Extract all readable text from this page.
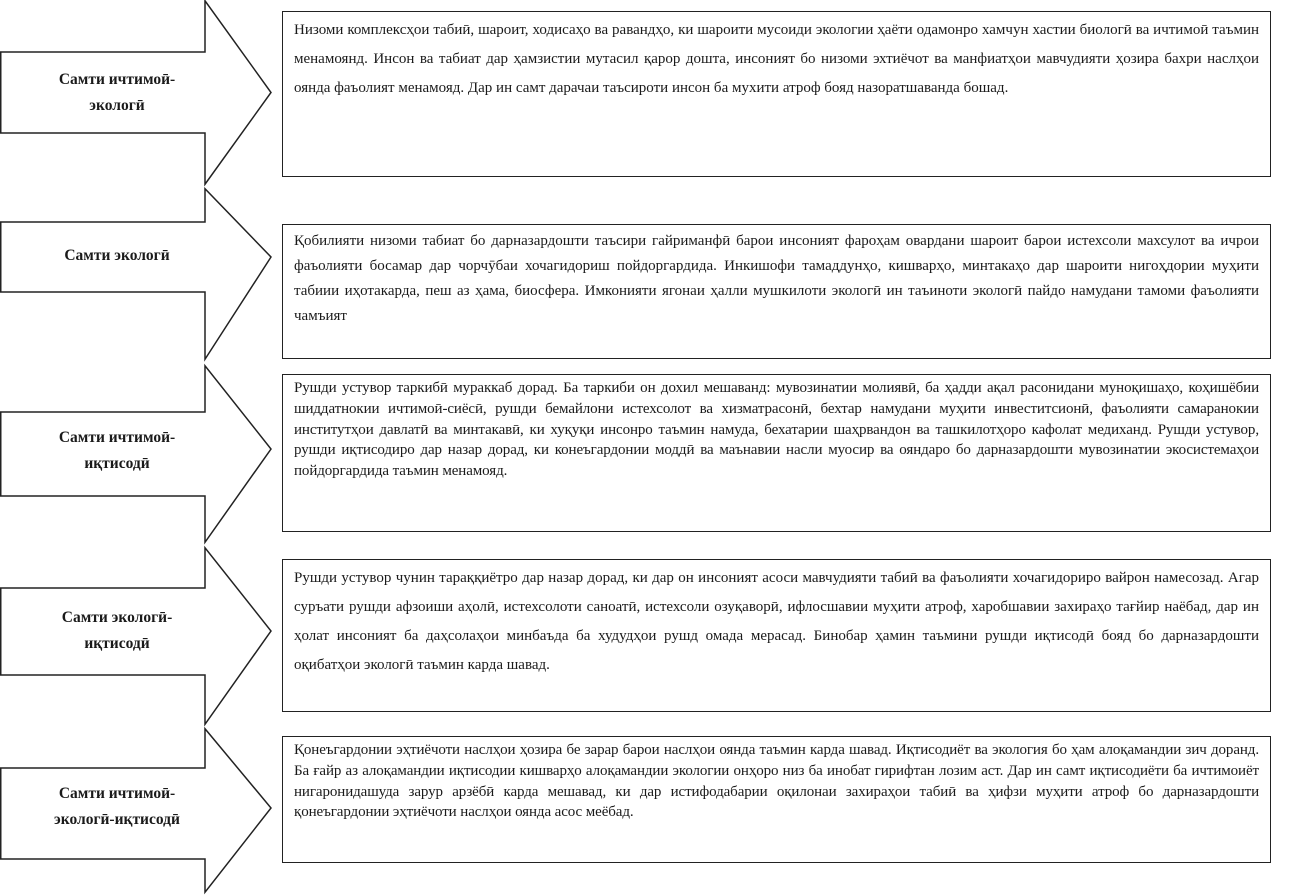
Самти ичтимоӣ-
экологӣ
Низоми комплексҳои табиӣ, шароит, ходисаҳо ва равандҳо, ки шароити мусоиди экологии ҳаёти одамонро хамчун хастии биологӣ ва ичтимоӣ таъмин менамоянд. Инсон ва табиат дар ҳамзистии мутасил қарор дошта, инсоният бо низоми эхтиёчот ва манфиатҳои мавчудияти ҳозира бахри наслҳои оянда фаъолият менамояд. Дар ин самт дарачаи таъсироти инсон ба мухити атроф бояд назоратшаванда бошад.
Самти экологӣ
Қобилияти низоми табиат бо дарназардошти таъсири гайриманфӣ барои инсоният фароҳам овардани шароит барои истехсоли махсулот ва ичрои фаъолияти босамар дар чорчӯбаи хочагидориш пойдоргардида. Инкишофи тамаддунҳо, кишварҳо, минтакаҳо дар шароити нигоҳдории муҳити табиии иҳотакарда, пеш аз ҳама, биосфера. Имконияти ягонаи ҳалли мушкилоти экологӣ ин таъиноти экологӣ пайдо намудани тамоми фаъолияти чамъият
Самти ичтимоӣ-
иқтисодӣ
Рушди устувор таркибӣ мураккаб дорад. Ба таркиби он дохил мешаванд: мувозинатии молиявӣ, ба ҳадди ақал расонидани муноқишаҳо, коҳишёбии шиддатнокии ичтимоӣ-сиёсӣ, рушди бемайлони истехсолот ва хизматрасонӣ, бехтар намудани муҳити инвеститсионӣ, фаъолияти самаранокии институтҳои давлатӣ ва минтакавӣ, ки хуқуқи инсонро таъмин намуда, бехатарии шаҳрвандон ва ташкилотҳоро кафолат медиханд. Рушди устувор, рушди иқтисодиро дар назар дорад, ки конеъгардонии моддӣ ва маънавии насли муосир ва ояндаро бо дарназардошти мувозинатии экосистемаҳои пойдоргардида таъмин менамояд.
Самти экологӣ-
иқтисодӣ
Рушди устувор чунин тараққиётро дар назар дорад, ки дар он инсоният асоси мавчудияти табиӣ ва фаъолияти хочагидориро вайрон намесозад. Агар суръати рушди афзоиши аҳолӣ, истехсолоти саноатӣ, истехсоли озуқаворӣ, ифлосшавии муҳити атроф, харобшавии захираҳо тағйир наёбад, дар ин ҳолат инсоният ба даҳсолаҳои минбаъда ба худудҳои рушд омада мерасад. Бинобар ҳамин таъмини рушди иқтисодӣ бояд бо дарназардошти оқибатҳои экологӣ таъмин карда шавад.
Самти ичтимоӣ-
экологӣ-иқтисодӣ
Қонеъгардонии эҳтиёчоти наслҳои ҳозира бе зарар барои наслҳои оянда таъмин карда шавад. Иқтисодиёт ва экология бо ҳам алоқамандии зич доранд. Ба ғайр аз алоқамандии иқтисодии кишварҳо алоқамандии экологии онҳоро низ ба инобат гирифтан лозим аст. Дар ин самт иқтисодиёти ба ичтимоиёт нигаронидашуда зарур арзёбӣ карда мешавад, ки дар истифодабарии оқилонаи захираҳои табиӣ ва ҳифзи муҳити атроф бо дарназардошти қонеъгардонии эҳтиёчоти наслҳои оянда асос меёбад.
